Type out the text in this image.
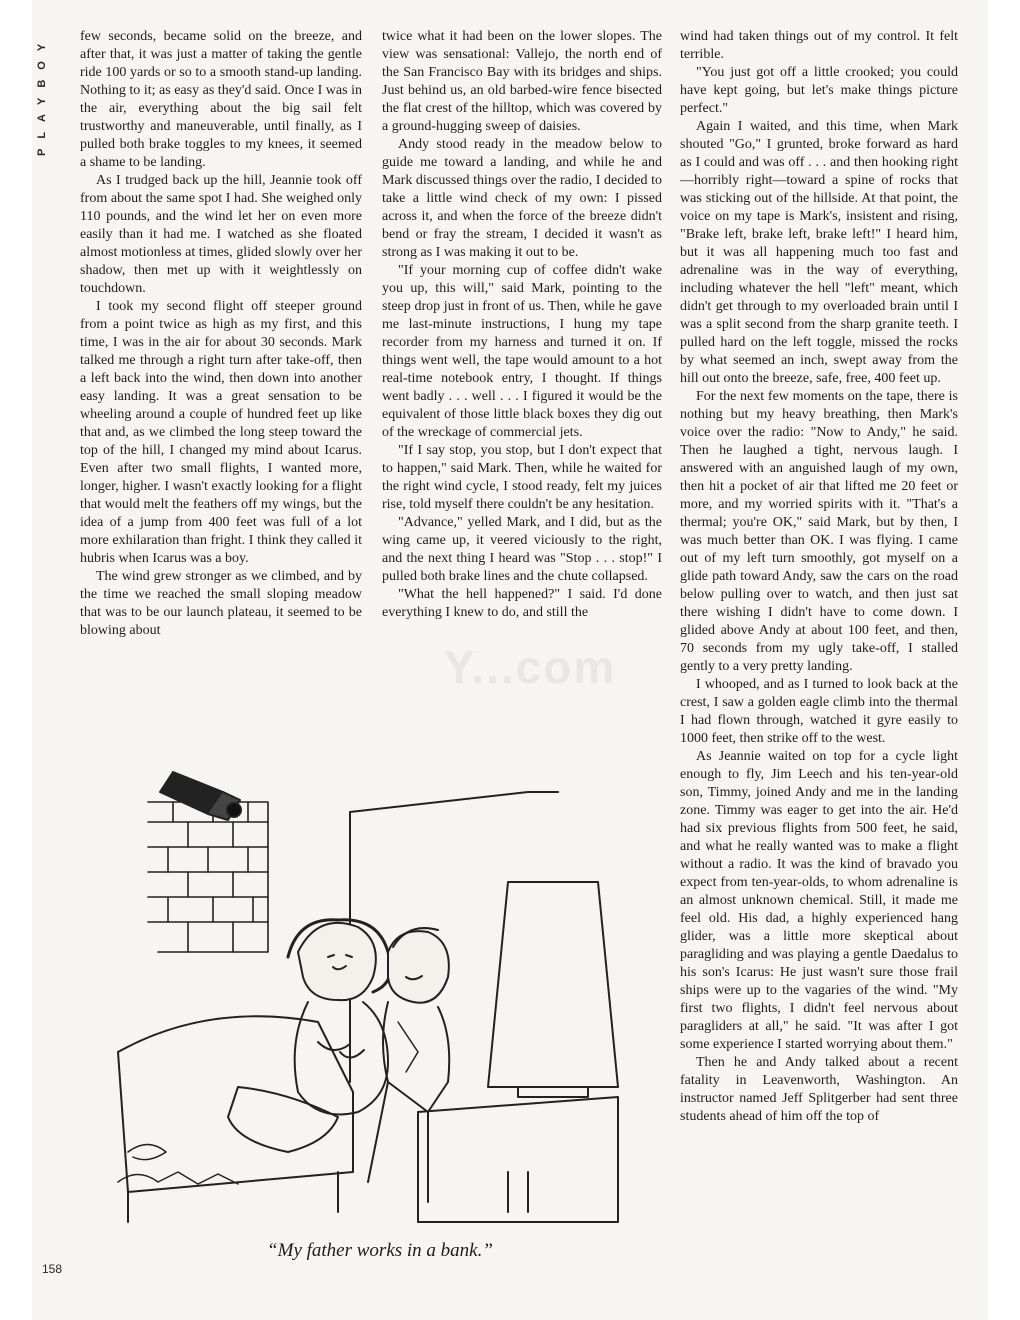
PLAYBOY	few seconds, became solid on the breeze, and after that, it was just a matter of taking the gentle ride 100 yards or so to a smooth stand-up landing. Nothing to it; as easy as they'd said. Once I was in the air, everything about the big sail felt trustworthy and maneuverable, until finally, as I pulled both brake toggles to my knees, it seemed a shame to be landing.

As I trudged back up the hill, Jeannie took off from about the same spot I had. She weighed only 110 pounds, and the wind let her on even more easily than it had me. I watched as she floated almost motionless at times, glided slowly over her shadow, then met up with it weightlessly on touchdown.

I took my second flight off steeper ground from a point twice as high as my first, and this time, I was in the air for about 30 seconds. Mark talked me through a right turn after take-off, then a left back into the wind, then down into another easy landing. It was a great sensation to be wheeling around a couple of hundred feet up like that and, as we climbed the long steep toward the top of the hill, I changed my mind about Icarus. Even after two small flights, I wanted more, longer, higher. I wasn't exactly looking for a flight that would melt the feathers off my wings, but the idea of a jump from 400 feet was full of a lot more exhilaration than fright. I think they called it hubris when Icarus was a boy.

The wind grew stronger as we climbed, and by the time we reached the small sloping meadow that was to be our launch plateau, it seemed to be blowing about

twice what it had been on the lower slopes. The view was sensational: Vallejo, the north end of the San Francisco Bay with its bridges and ships. Just behind us, an old barbed-wire fence bisected the flat crest of the hilltop, which was covered by a ground-hugging sweep of daisies.

Andy stood ready in the meadow below to guide me toward a landing, and while he and Mark discussed things over the radio, I decided to take a little wind check of my own: I pissed across it, and when the force of the breeze didn't bend or fray the stream, I decided it wasn't as strong as I was making it out to be.

"If your morning cup of coffee didn't wake you up, this will," said Mark, pointing to the steep drop just in front of us. Then, while he gave me last-minute instructions, I hung my tape recorder from my harness and turned it on. If things went well, the tape would amount to a hot real-time notebook entry, I thought. If things went badly . . . well . . . I figured it would be the equivalent of those little black boxes they dig out of the wreckage of commercial jets.

"If I say stop, you stop, but I don't expect that to happen," said Mark. Then, while he waited for the right wind cycle, I stood ready, felt my juices rise, told myself there couldn't be any hesitation.

"Advance," yelled Mark, and I did, but as the wing came up, it veered viciously to the right, and the next thing I heard was "Stop . . . stop!" I pulled both brake lines and the chute collapsed.

"What the hell happened?" I said. I'd done everything I knew to do, and still the

wind had taken things out of my control. It felt terrible.

"You just got off a little crooked; you could have kept going, but let's make things picture perfect."

Again I waited, and this time, when Mark shouted "Go," I grunted, broke forward as hard as I could and was off . . . and then hooking right—horribly right—toward a spine of rocks that was sticking out of the hillside. At that point, the voice on my tape is Mark's, insistent and rising, "Brake left, brake left, brake left!" I heard him, but it was all happening much too fast and adrenaline was in the way of everything, including whatever the hell "left" meant, which didn't get through to my overloaded brain until I was a split second from the sharp granite teeth. I pulled hard on the left toggle, missed the rocks by what seemed an inch, swept away from the hill out onto the breeze, safe, free, 400 feet up.

For the next few moments on the tape, there is nothing but my heavy breathing, then Mark's voice over the radio: "Now to Andy," he said. Then he laughed a tight, nervous laugh. I answered with an anguished laugh of my own, then hit a pocket of air that lifted me 20 feet or more, and my worried spirits with it. "That's a thermal; you're OK," said Mark, but by then, I was much better than OK. I was flying. I came out of my left turn smoothly, got myself on a glide path toward Andy, saw the cars on the road below pulling over to watch, and then just sat there wishing I didn't have to come down. I glided above Andy at about 100 feet, and then, 70 seconds from my ugly take-off, I stalled gently to a very pretty landing.

I whooped, and as I turned to look back at the crest, I saw a golden eagle climb into the thermal I had flown through, watched it gyre easily to 1000 feet, then strike off to the west.

As Jeannie waited on top for a cycle light enough to fly, Jim Leech and his ten-year-old son, Timmy, joined Andy and me in the landing zone. Timmy was eager to get into the air. He'd had six previous flights from 500 feet, he said, and what he really wanted was to make a flight without a radio. It was the kind of bravado you expect from ten-year-olds, to whom adrenaline is an almost unknown chemical. Still, it made me feel old. His dad, a highly experienced hang glider, was a little more skeptical about paragliding and was playing a gentle Daedalus to his son's Icarus: He just wasn't sure those frail ships were up to the vagaries of the wind. "My first two flights, I didn't feel nervous about paragliders at all," he said. "It was after I got some experience I started worrying about them."

Then he and Andy talked about a recent fatality in Leavenworth, Washington. An instructor named Jeff Splitgerber had sent three students ahead of him off the top of

Y...com
“My father works in a bank.”
158
